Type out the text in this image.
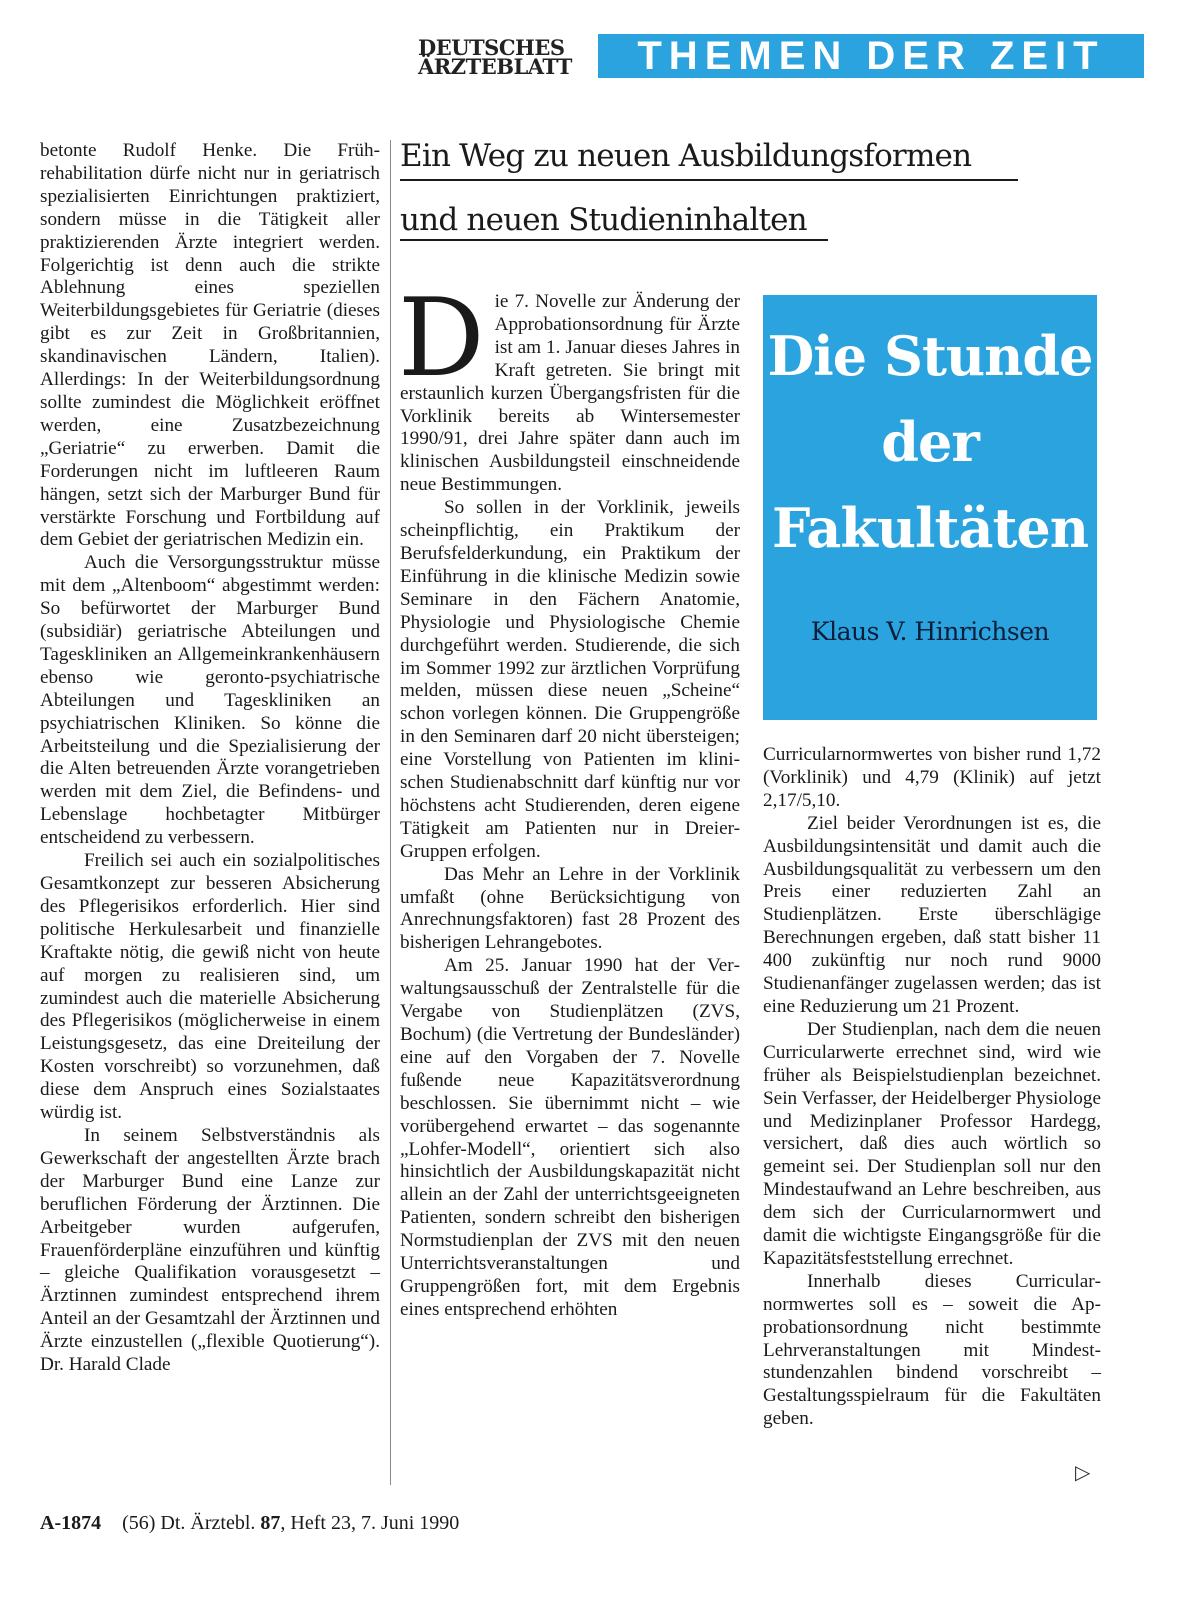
DEUTSCHES
ÄRZTEBLATT	THEMEN DER ZEIT

betonte Rudolf Henke. Die Frührehabilitation dürfe nicht nur in geriatrisch spezialisierten Einrichtungen praktiziert, sondern müsse in die Tätigkeit aller praktizierenden Ärzte integriert werden. Folgerichtig ist denn auch die strikte Ablehnung eines speziellen Weiterbildungsgebietes für Geriatrie (dieses gibt es zur Zeit in Großbritannien, skandinavischen Ländern, Italien). Allerdings: In der Weiterbildungsordnung sollte zumindest die Möglichkeit eröffnet werden, eine Zusatzbezeichnung „Geriatrie“ zu erwerben. Damit die Forderungen nicht im luftleeren Raum hängen, setzt sich der Marburger Bund für verstärkte Forschung und Fortbildung auf dem Gebiet der geriatrischen Medizin ein.

Auch die Versorgungsstruktur müsse mit dem „Altenboom“ abgestimmt werden: So befürwortet der Marburger Bund (subsidiär) geriatrische Abteilungen und Tageskliniken an Allgemeinkrankenhäusern ebenso wie geronto-psychiatrische Abteilungen und Tageskliniken an psychiatrischen Kliniken. So könne die Arbeitsteilung und die Spezialisierung der die Alten betreuenden Ärzte vorangetrieben werden mit dem Ziel, die Befindens- und Lebenslage hochbetagter Mitbürger entscheidend zu verbessern.

Freilich sei auch ein sozialpolitisches Gesamtkonzept zur besseren Absicherung des Pflegerisikos erforderlich. Hier sind politische Herkulesarbeit und finanzielle Kraftakte nötig, die gewiß nicht von heute auf morgen zu realisieren sind, um zumindest auch die materielle Absicherung des Pflegerisikos (möglicherweise in einem Leistungsgesetz, das eine Dreiteilung der Kosten vorschreibt) so vorzunehmen, daß diese dem Anspruch eines Sozialstaates würdig ist.

In seinem Selbstverständnis als Gewerkschaft der angestellten Ärzte brach der Marburger Bund eine Lanze zur beruflichen Förderung der Ärztinnen. Die Arbeitgeber wurden aufgerufen, Frauenförderpläne einzuführen und künftig – gleiche Qualifikation vorausgesetzt – Ärztinnen zumindest entsprechend ihrem Anteil an der Gesamtzahl der Ärztinnen und Ärzte einzustellen („flexible Quotierung“). Dr. Harald Clade

Ein Weg zu neuen Ausbildungsformen
und neuen Studieninhalten

Die 7. Novelle zur Änderung der Approbationsordnung für Ärzte ist am 1. Januar dieses Jahres in Kraft getreten. Sie bringt mit erstaunlich kurzen Übergangsfristen für die Vorklinik bereits ab Wintersemester 1990/91, drei Jahre später dann auch im klinischen Ausbildungsteil einschneidende neue Bestimmungen.

So sollen in der Vorklinik, jeweils scheinpflichtig, ein Praktikum der Berufsfelderkundung, ein Praktikum der Einführung in die klinische Medizin sowie Seminare in den Fächern Anatomie, Physiologie und Physiologische Chemie durchgeführt werden. Studierende, die sich im Sommer 1992 zur ärztlichen Vorprüfung melden, müssen diese neuen „Scheine“ schon vorlegen können. Die Gruppengröße in den Seminaren darf 20 nicht übersteigen; eine Vorstellung von Patienten im klinischen Studienabschnitt darf künftig nur vor höchstens acht Studierenden, deren eigene Tätigkeit am Patienten nur in Dreier-Gruppen erfolgen.

Das Mehr an Lehre in der Vorklinik umfaßt (ohne Berücksichtigung von Anrechnungsfaktoren) fast 28 Prozent des bisherigen Lehrangebotes.

Am 25. Januar 1990 hat der Verwaltungsausschuß der Zentralstelle für die Vergabe von Studienplätzen (ZVS, Bochum) (die Vertretung der Bundesländer) eine auf den Vorgaben der 7. Novelle fußende neue Kapazitätsverordnung beschlossen. Sie übernimmt nicht – wie vorübergehend erwartet – das sogenannte „Lohfer-Modell“, orientiert sich also hinsichtlich der Ausbildungskapazität nicht allein an der Zahl der unterrichtsgeeigneten Patienten, sondern schreibt den bisherigen Normstudienplan der ZVS mit den neuen Unterrichtsveranstaltungen und Gruppengrößen fort, mit dem Ergebnis eines entsprechend erhöhten

Die Stunde
der
Fakultäten
Klaus V. Hinrichsen

Curricularnormwertes von bisher rund 1,72 (Vorklinik) und 4,79 (Klinik) auf jetzt 2,17/5,10.

Ziel beider Verordnungen ist es, die Ausbildungsintensität und damit auch die Ausbildungsqualität zu verbessern um den Preis einer reduzierten Zahl an Studienplätzen. Erste überschlägige Berechnungen ergeben, daß statt bisher 11 400 zukünftig nur noch rund 9000 Studienanfänger zugelassen werden; das ist eine Reduzierung um 21 Prozent.

Der Studienplan, nach dem die neuen Curricularwerte errechnet sind, wird wie früher als Beispielstudienplan bezeichnet. Sein Verfasser, der Heidelberger Physiologe und Medizinplaner Professor Hardegg, versichert, daß dies auch wörtlich so gemeint sei. Der Studienplan soll nur den Mindestaufwand an Lehre beschreiben, aus dem sich der Curricularnormwert und damit die wichtigste Eingangsgröße für die Kapazitätsfeststellung errechnet.

Innerhalb dieses Curricularnormwertes soll es – soweit die Approbationsordnung nicht bestimmte Lehrveranstaltungen mit Mindeststundenzahlen bindend vorschreibt – Gestaltungsspielraum für die Fakultäten geben.

▷
A-1874 (56) Dt. Ärztebl. 87, Heft 23, 7. Juni 1990
